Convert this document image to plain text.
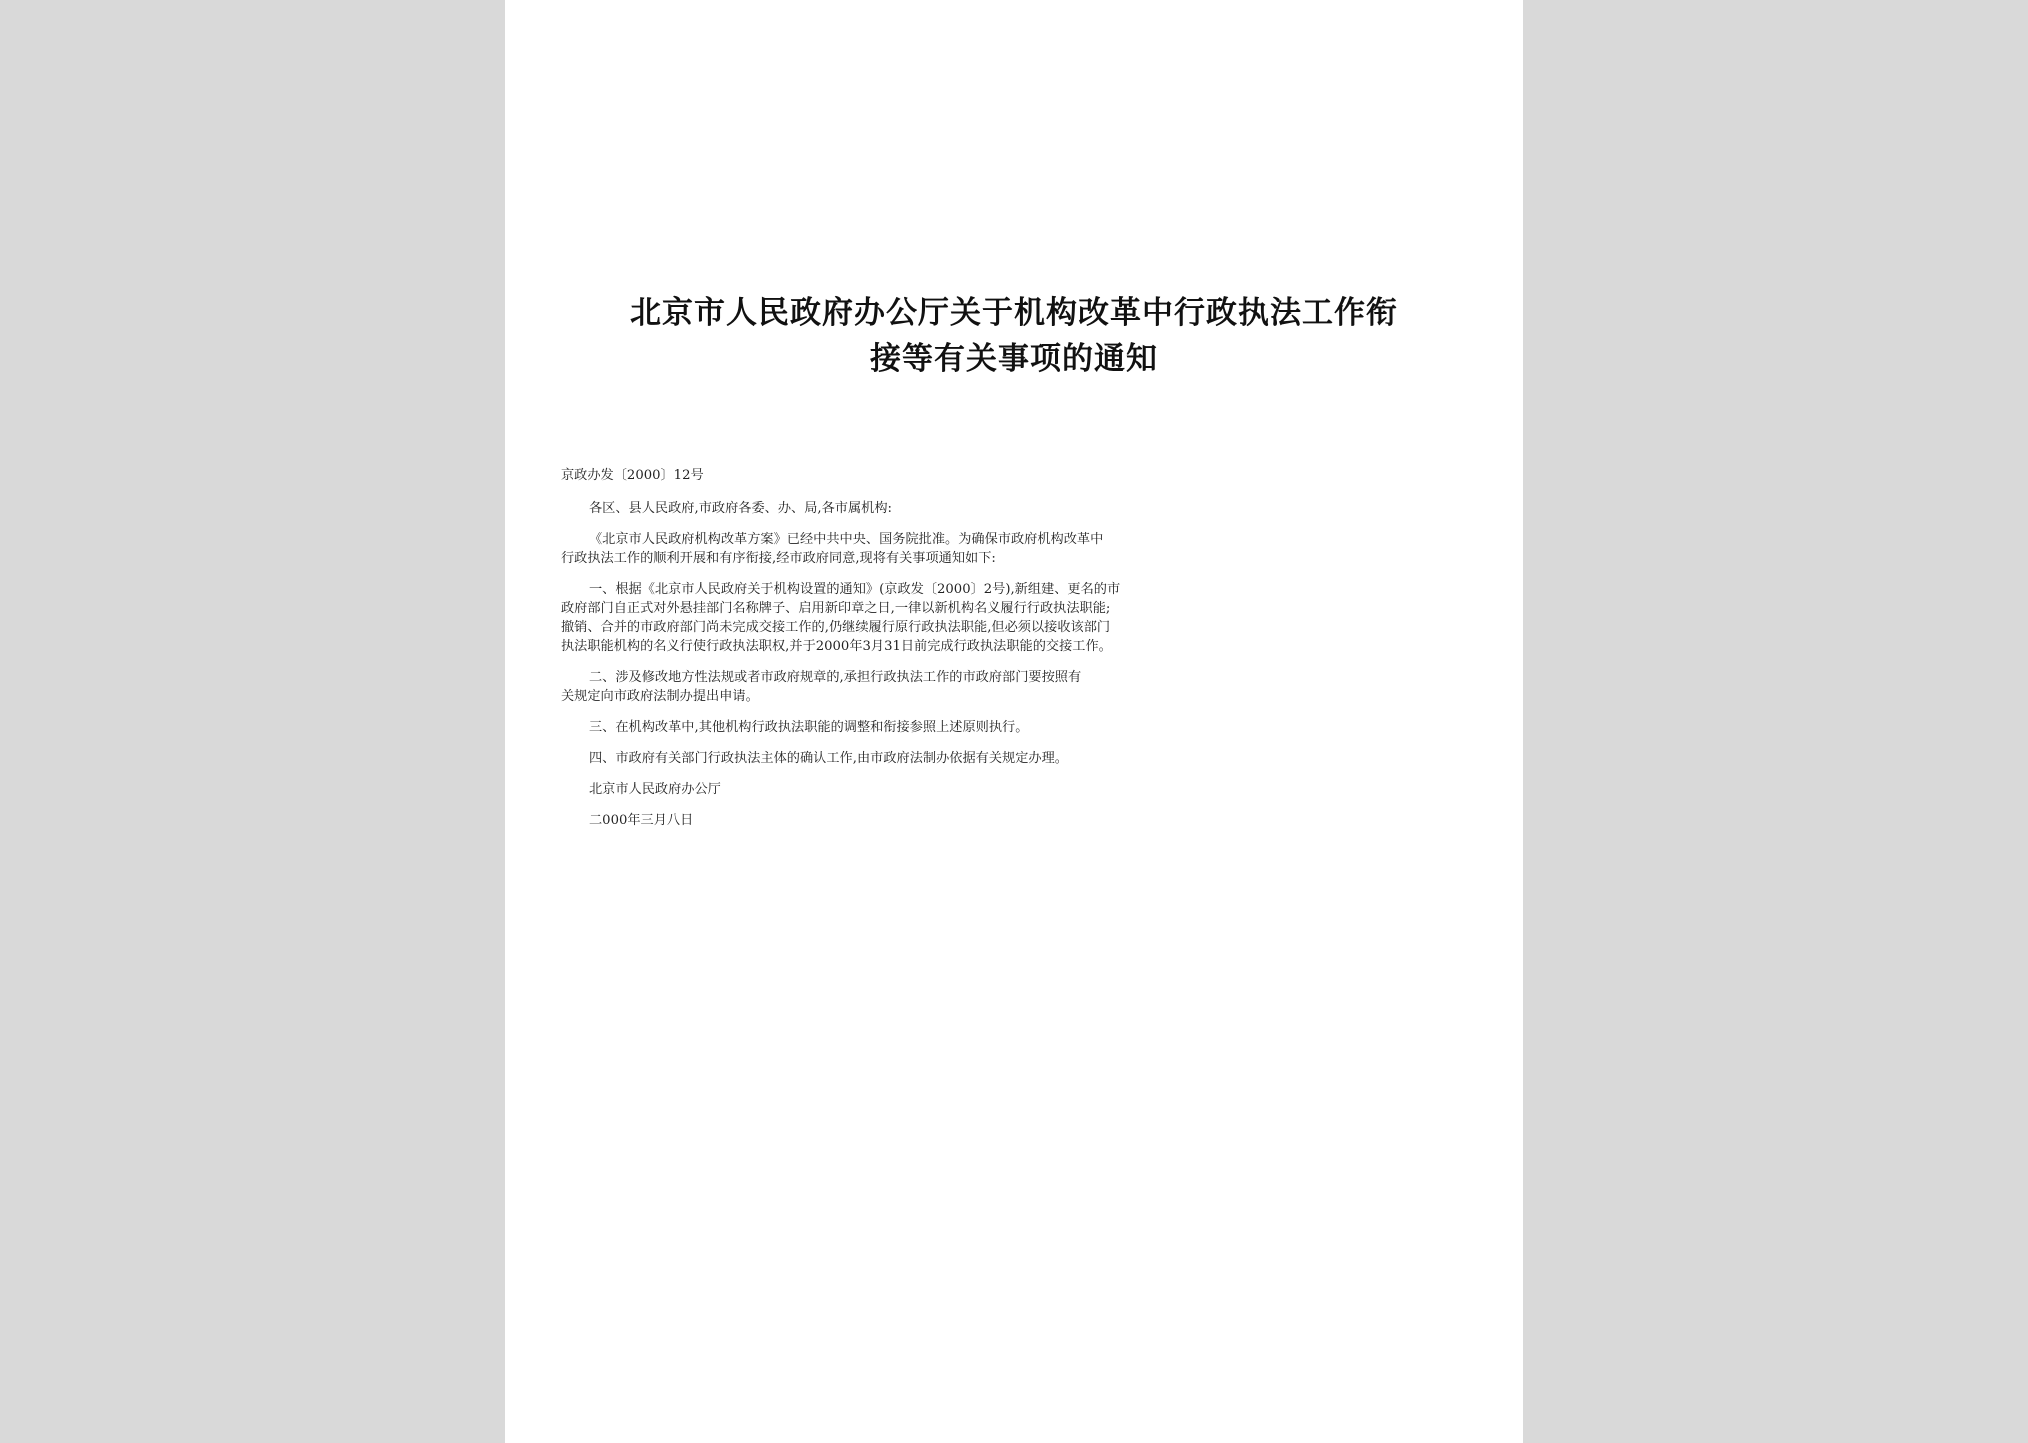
北京市人民政府办公厅关于机构改革中行政执法工作衔
接等有关事项的通知

京政办发〔2000〕12号

各区、县人民政府,市政府各委、办、局,各市属机构:

《北京市人民政府机构改革方案》已经中共中央、国务院批准。为确保市政府机构改革中
行政执法工作的顺利开展和有序衔接,经市政府同意,现将有关事项通知如下:

一、根据《北京市人民政府关于机构设置的通知》(京政发〔2000〕2号),新组建、更名的市
政府部门自正式对外悬挂部门名称牌子、启用新印章之日,一律以新机构名义履行行政执法职能;
撤销、合并的市政府部门尚未完成交接工作的,仍继续履行原行政执法职能,但必须以接收该部门
执法职能机构的名义行使行政执法职权,并于2000年3月31日前完成行政执法职能的交接工作。

二、涉及修改地方性法规或者市政府规章的,承担行政执法工作的市政府部门要按照有
关规定向市政府法制办提出申请。

三、在机构改革中,其他机构行政执法职能的调整和衔接参照上述原则执行。

四、市政府有关部门行政执法主体的确认工作,由市政府法制办依据有关规定办理。

北京市人民政府办公厅

二000年三月八日
